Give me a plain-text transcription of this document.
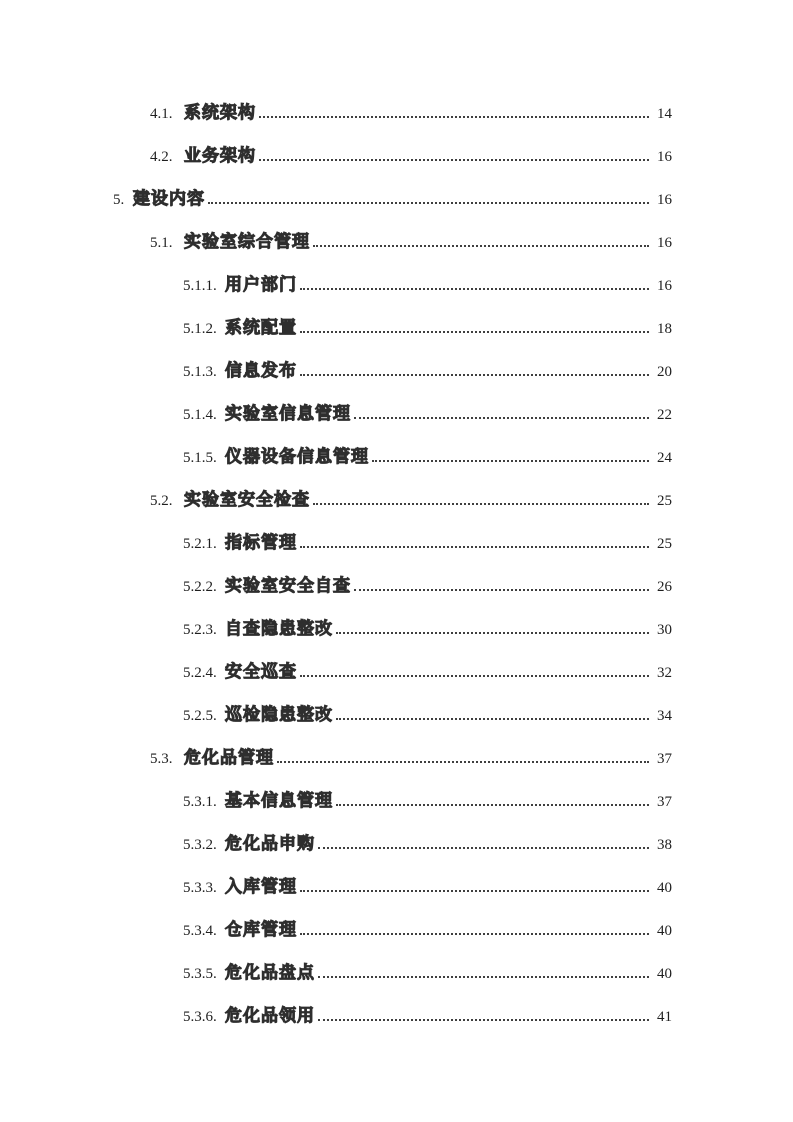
4.1. 系统架构	14
4.2. 业务架构	16
5. 建设内容	16
5.1. 实验室综合管理	16
5.1.1. 用户部门	16
5.1.2. 系统配置	18
5.1.3. 信息发布	20
5.1.4. 实验室信息管理	22
5.1.5. 仪器设备信息管理	24
5.2. 实验室安全检查	25
5.2.1. 指标管理	25
5.2.2. 实验室安全自查	26
5.2.3. 自查隐患整改	30
5.2.4. 安全巡查	32
5.2.5. 巡检隐患整改	34
5.3. 危化品管理	37
5.3.1. 基本信息管理	37
5.3.2. 危化品申购	38
5.3.3. 入库管理	40
5.3.4. 仓库管理	40
5.3.5. 危化品盘点	40
5.3.6. 危化品领用	41
